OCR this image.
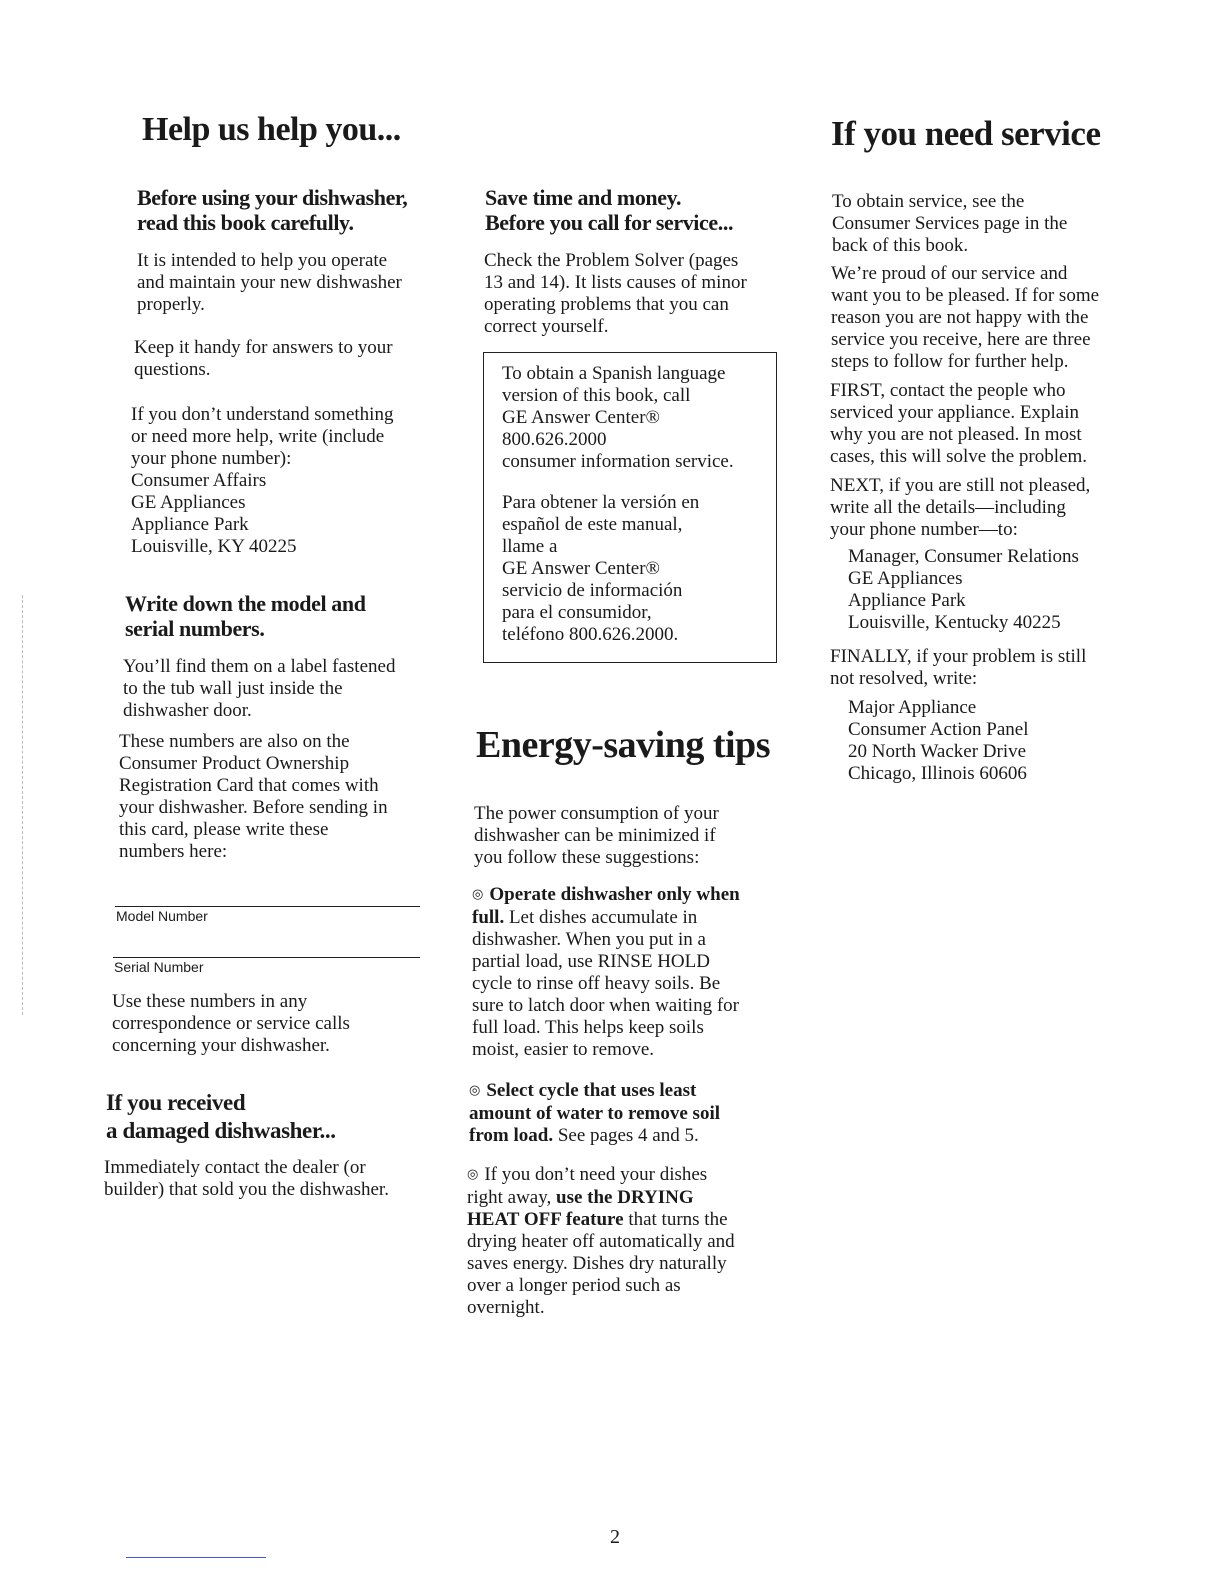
Help us help you...
Before using your dishwasher,
read this book carefully.
It is intended to help you operate
and maintain your new dishwasher
properly.
Keep it handy for answers to your
questions.
If you don’t understand something
or need more help, write (include
your phone number):
Consumer Affairs
GE Appliances
Appliance Park
Louisville, KY 40225
Write down the model and
serial numbers.
You’ll find them on a label fastened
to the tub wall just inside the
dishwasher door.
These numbers are also on the
Consumer Product Ownership
Registration Card that comes with
your dishwasher. Before sending in
this card, please write these
numbers here:
Model Number
Serial Number
Use these numbers in any
correspondence or service calls
concerning your dishwasher.
If you received
a damaged dishwasher...
Immediately contact the dealer (or
builder) that sold you the dishwasher.
Save time and money.
Before you call for service...
Check the Problem Solver (pages
13 and 14). It lists causes of minor
operating problems that you can
correct yourself.
To obtain a Spanish language
version of this book, call
GE Answer Center®
800.626.2000
consumer information service.
Para obtener la versión en
español de este manual,
llame a
GE Answer Center®
servicio de información
para el consumidor,
teléfono 800.626.2000.
Energy-saving tips
The power consumption of your
dishwasher can be minimized if
you follow these suggestions:
◎ Operate dishwasher only when
full. Let dishes accumulate in
dishwasher. When you put in a
partial load, use RINSE HOLD
cycle to rinse off heavy soils. Be
sure to latch door when waiting for
full load. This helps keep soils
moist, easier to remove.
◎ Select cycle that uses least
amount of water to remove soil
from load. See pages 4 and 5.
◎ If you don’t need your dishes
right away, use the DRYING
HEAT OFF feature that turns the
drying heater off automatically and
saves energy. Dishes dry naturally
over a longer period such as
overnight.
If you need service
To obtain service, see the
Consumer Services page in the
back of this book.
We’re proud of our service and
want you to be pleased. If for some
reason you are not happy with the
service you receive, here are three
steps to follow for further help.
FIRST, contact the people who
serviced your appliance. Explain
why you are not pleased. In most
cases, this will solve the problem.
NEXT, if you are still not pleased,
write all the details—including
your phone number—to:
Manager, Consumer Relations
GE Appliances
Appliance Park
Louisville, Kentucky 40225
FINALLY, if your problem is still
not resolved, write:
Major Appliance
Consumer Action Panel
20 North Wacker Drive
Chicago, Illinois 60606
2
